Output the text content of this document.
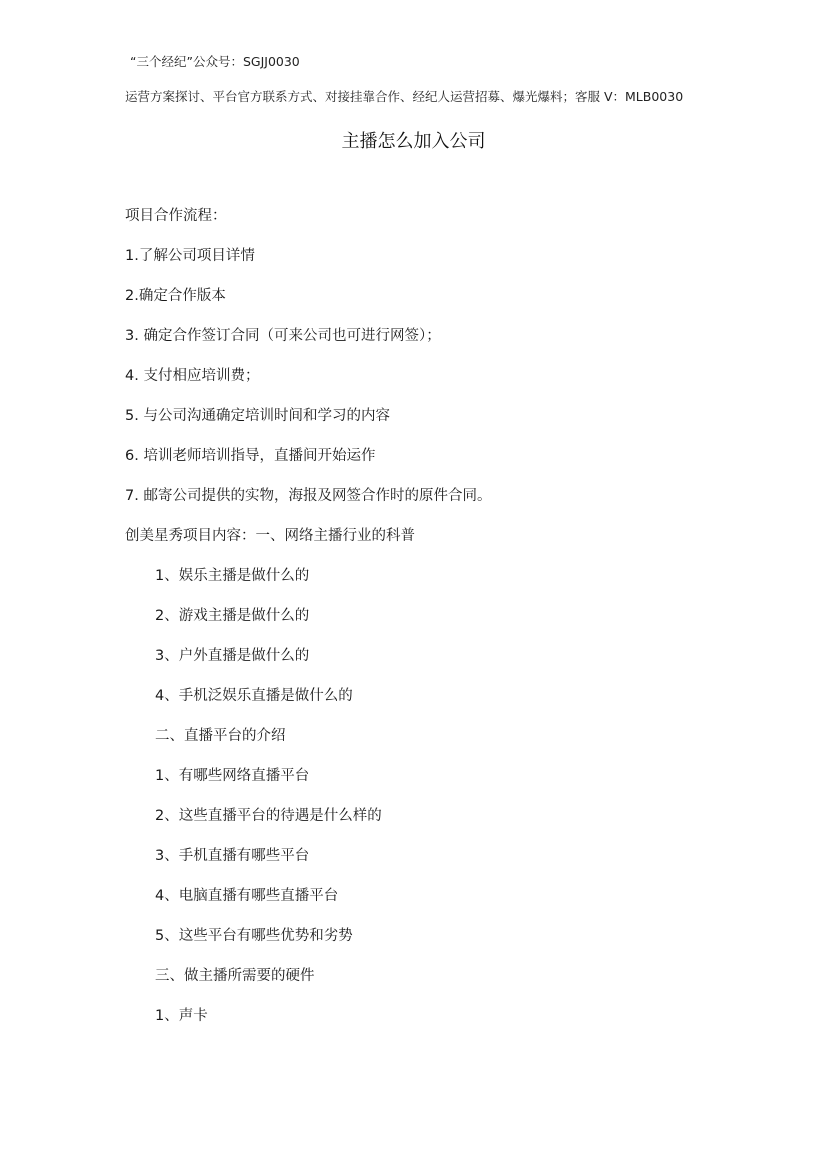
“三个经纪”公众号：SGJJ0030
运营方案探讨、平台官方联系方式、对接挂靠合作、经纪人运营招募、爆光爆料；客服 V：MLB0030
主播怎么加入公司
项目合作流程：
1.了解公司项目详情
2.确定合作版本
3. 确定合作签订合同（可来公司也可进行网签）；
4. 支付相应培训费；
5. 与公司沟通确定培训时间和学习的内容
6. 培训老师培训指导，直播间开始运作
7. 邮寄公司提供的实物，海报及网签合作时的原件合同。
创美星秀项目内容：一、网络主播行业的科普
1、娱乐主播是做什么的
2、游戏主播是做什么的
3、户外直播是做什么的
4、手机泛娱乐直播是做什么的
二、直播平台的介绍
1、有哪些网络直播平台
2、这些直播平台的待遇是什么样的
3、手机直播有哪些平台
4、电脑直播有哪些直播平台
5、这些平台有哪些优势和劣势
三、做主播所需要的硬件
1、声卡
